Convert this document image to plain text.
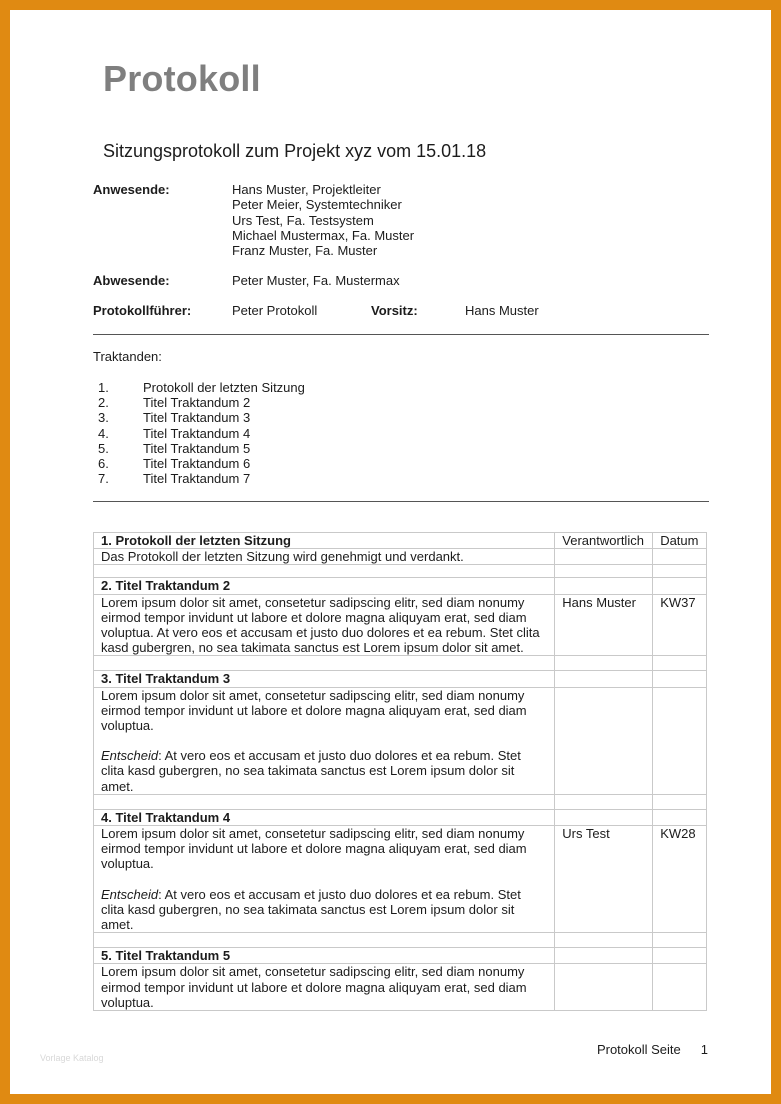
Protokoll
Sitzungsprotokoll zum Projekt xyz vom 15.01.18
Anwesende:	Hans Muster, Projektleiter
Peter Meier, Systemtechniker
Urs Test, Fa. Testsystem
Michael Mustermax, Fa. Muster
Franz Muster, Fa. Muster
Abwesende:	Peter Muster, Fa. Mustermax
Protokollführer:	Peter Protokoll	Vorsitz:	Hans Muster
Traktanden:
1.	Protokoll der letzten Sitzung
2.	Titel Traktandum 2
3.	Titel Traktandum 3
4.	Titel Traktandum 4
5.	Titel Traktandum 5
6.	Titel Traktandum 6
7.	Titel Traktandum 7
1. Protokoll der letzten Sitzung	Verantwortlich	Datum
Das Protokoll der letzten Sitzung wird genehmigt und verdankt.		

2. Titel Traktandum 2		
Lorem ipsum dolor sit amet, consetetur sadipscing elitr, sed diam nonumy eirmod tempor invidunt ut labore et dolore magna aliquyam erat, sed diam voluptua. At vero eos et accusam et justo duo dolores et ea rebum. Stet clita kasd gubergren, no sea takimata sanctus est Lorem ipsum dolor sit amet.	Hans Muster	KW37

3. Titel Traktandum 3		

Lorem ipsum dolor sit amet, consetetur sadipscing elitr, sed diam nonumy eirmod tempor invidunt ut labore et dolore magna aliquyam erat, sed diam voluptua.
Entscheid: At vero eos et accusam et justo duo dolores et ea rebum. Stet clita kasd gubergren, no sea takimata sanctus est Lorem ipsum dolor sit amet.		

4. Titel Traktandum 4		

Lorem ipsum dolor sit amet, consetetur sadipscing elitr, sed diam nonumy eirmod tempor invidunt ut labore et dolore magna aliquyam erat, sed diam voluptua.
Entscheid: At vero eos et accusam et justo duo dolores et ea rebum. Stet clita kasd gubergren, no sea takimata sanctus est Lorem ipsum dolor sit amet.	Urs Test	KW28

5. Titel Traktandum 5		
Lorem ipsum dolor sit amet, consetetur sadipscing elitr, sed diam nonumy eirmod tempor invidunt ut labore et dolore magna aliquyam erat, sed diam voluptua.		
Vorlage Katalog
Protokoll Seite 1
